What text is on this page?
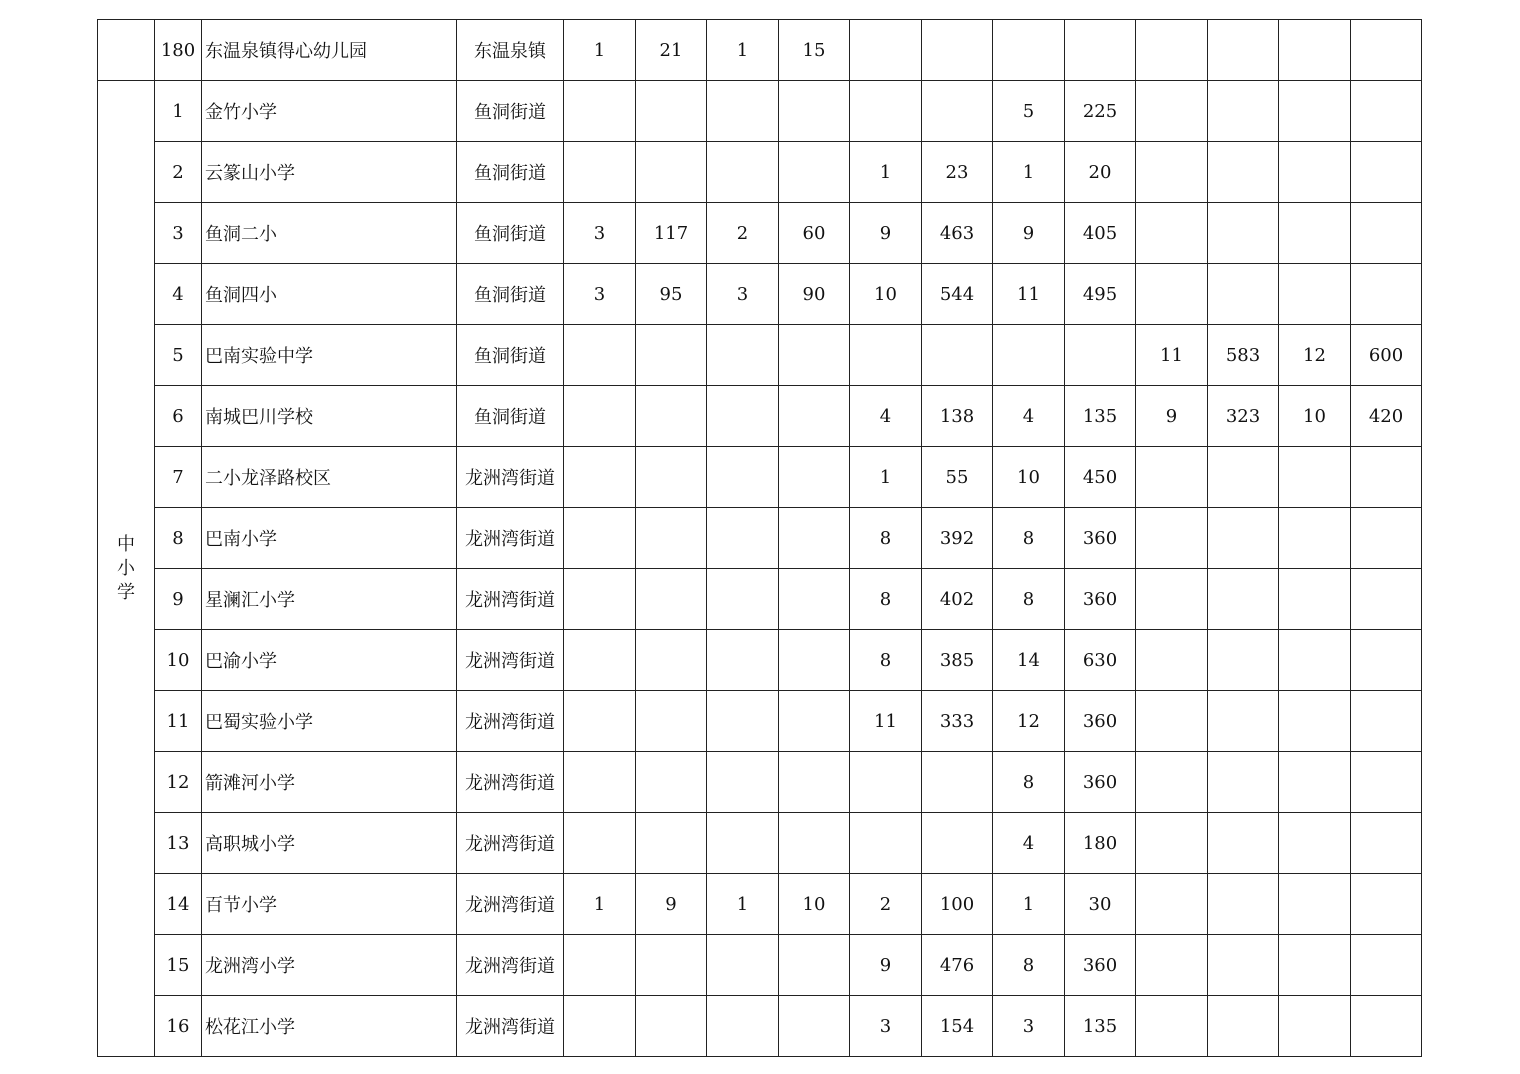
	180	东温泉镇得心幼儿园	东温泉镇	1	21	1	15								

中
小
学	1	金竹小学	鱼洞街道							5	225				
	2	云篆山小学	鱼洞街道					1	23	1	20				
	3	鱼洞二小	鱼洞街道	3	117	2	60	9	463	9	405				
	4	鱼洞四小	鱼洞街道	3	95	3	90	10	544	11	495				
	5	巴南实验中学	鱼洞街道									11	583	12	600
	6	南城巴川学校	鱼洞街道					4	138	4	135	9	323	10	420
	7	二小龙泽路校区	龙洲湾街道					1	55	10	450				
	8	巴南小学	龙洲湾街道					8	392	8	360				
	9	星澜汇小学	龙洲湾街道					8	402	8	360				
	10	巴渝小学	龙洲湾街道					8	385	14	630				
	11	巴蜀实验小学	龙洲湾街道					11	333	12	360				
	12	箭滩河小学	龙洲湾街道							8	360				
	13	高职城小学	龙洲湾街道							4	180				
	14	百节小学	龙洲湾街道	1	9	1	10	2	100	1	30				
	15	龙洲湾小学	龙洲湾街道					9	476	8	360				
	16	松花江小学	龙洲湾街道					3	154	3	135				
